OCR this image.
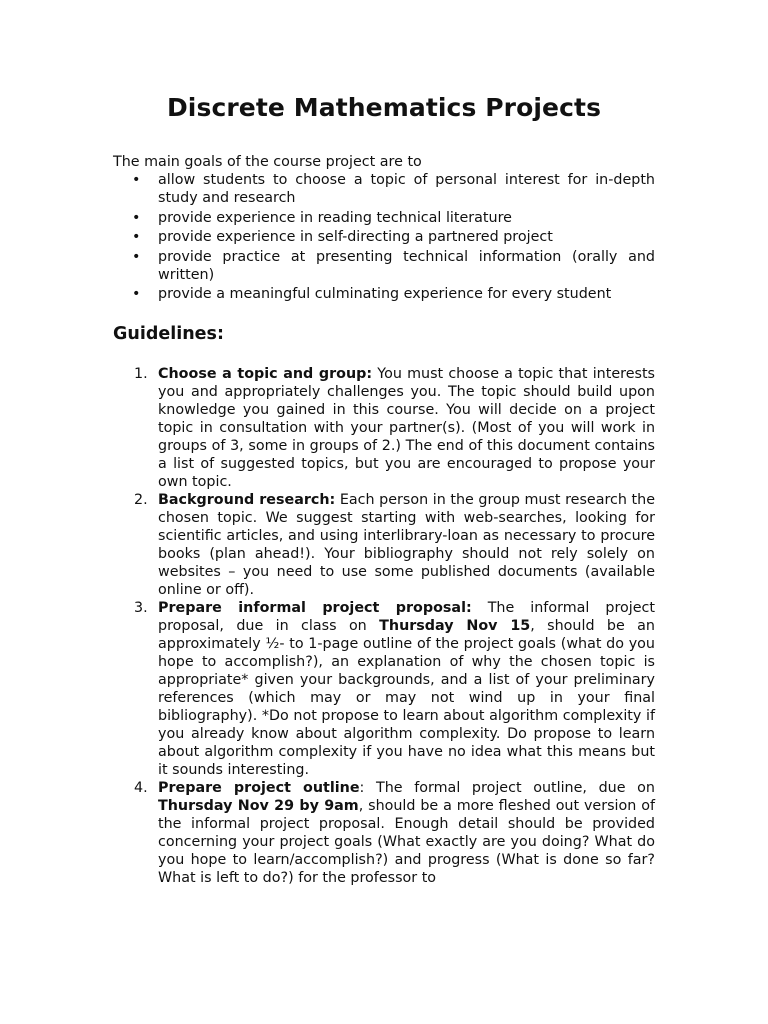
Discrete Mathematics Projects

The main goals of the course project are to

• allow students to choose a topic of personal interest for in-depth study and research
• provide experience in reading technical literature
• provide experience in self-directing a partnered project
• provide practice at presenting technical information (orally and written)
• provide a meaningful culminating experience for every student
Guidelines:
1. Choose a topic and group: You must choose a topic that interests you and appropriately challenges you. The topic should build upon knowledge you gained in this course. You will decide on a project topic in consultation with your partner(s). (Most of you will work in groups of 3, some in groups of 2.) The end of this document contains a list of suggested topics, but you are encouraged to propose your own topic.
2. Background research: Each person in the group must research the chosen topic. We suggest starting with web-searches, looking for scientific articles, and using interlibrary-loan as necessary to procure books (plan ahead!). Your bibliography should not rely solely on websites – you need to use some published documents (available online or off).
3. Prepare informal project proposal: The informal project proposal, due in class on Thursday Nov 15, should be an approximately ½- to 1-page outline of the project goals (what do you hope to accomplish?), an explanation of why the chosen topic is appropriate* given your backgrounds, and a list of your preliminary references (which may or may not wind up in your final bibliography). *Do not propose to learn about algorithm complexity if you already know about algorithm complexity. Do propose to learn about algorithm complexity if you have no idea what this means but it sounds interesting.
4. Prepare project outline: The formal project outline, due on Thursday Nov 29 by 9am, should be a more fleshed out version of the informal project proposal. Enough detail should be provided concerning your project goals (What exactly are you doing? What do you hope to learn/accomplish?) and progress (What is done so far? What is left to do?) for the professor to
